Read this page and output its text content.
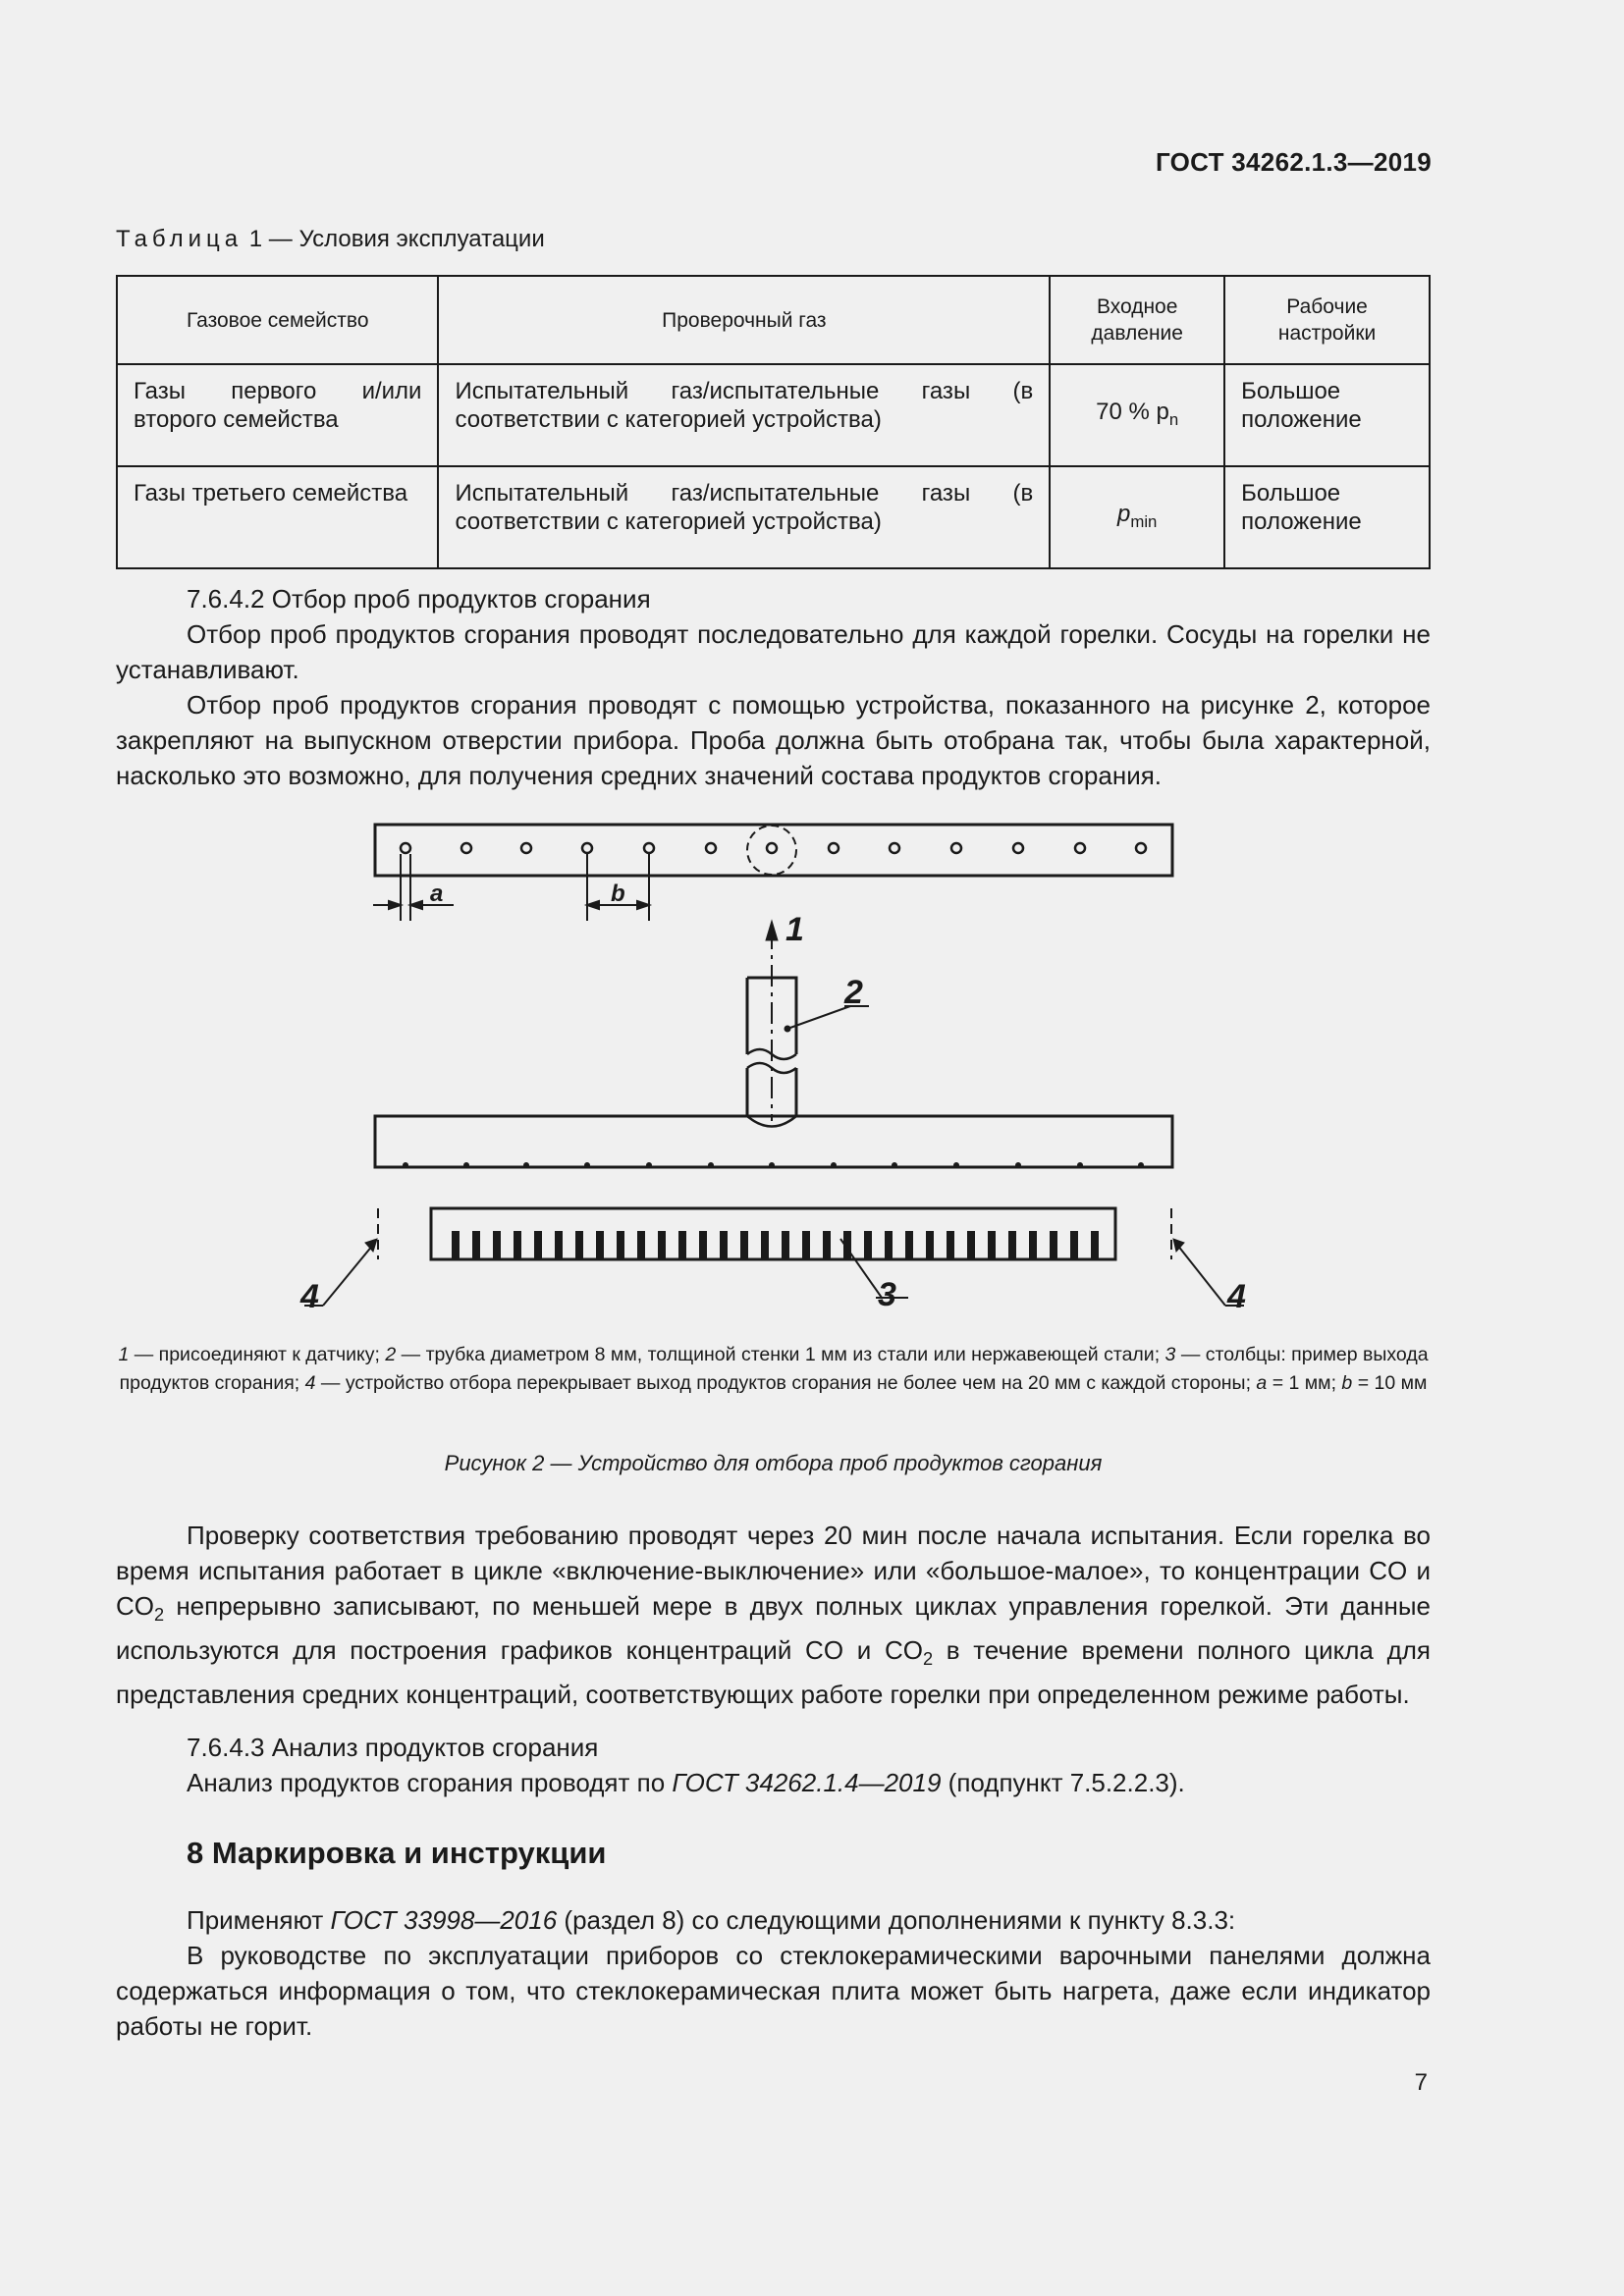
ГОСТ 34262.1.3—2019
Таблица 1 — Условия эксплуатации
Газовое семейство	Проверочный газ	Входное давление	Рабочие настройки
Газы первого и/или второго семейства	Испытательный газ/испытательные газы (в соответствии с категорией устройства)	70 % $p_n$	Большое положение
Газы третьего семейства	Испытательный газ/испытательные газы (в соответствии с категорией устройства)	$p_{min}$	Большое положение
7.6.4.2 Отбор проб продуктов сгорания
Отбор проб продуктов сгорания проводят последовательно для каждой горелки. Сосуды на горелки не устанавливают.
Отбор проб продуктов сгорания проводят с помощью устройства, показанного на рисунке 2, которое закрепляют на выпускном отверстии прибора. Проба должна быть отобрана так, чтобы была характерной, насколько это возможно, для получения средних значений состава продуктов сгорания.
a	b
1
2
3
4	4
1 — присоединяют к датчику; 2 — трубка диаметром 8 мм, толщиной стенки 1 мм из стали или нержавеющей стали; 3 — столбцы: пример выхода продуктов сгорания; 4 — устройство отбора перекрывает выход продуктов сгорания не более чем на 20 мм с каждой стороны; a = 1 мм; b = 10 мм
Рисунок 2 — Устройство для отбора проб продуктов сгорания
Проверку соответствия требованию проводят через 20 мин после начала испытания. Если горелка во время испытания работает в цикле «включение-выключение» или «большое-малое», то концентрации CO и $CO_2$ непрерывно записывают, по меньшей мере в двух полных циклах управления горелкой. Эти данные используются для построения графиков концентраций CO и $CO_2$ в течение времени полного цикла для представления средних концентраций, соответствующих работе горелки при определенном режиме работы.
7.6.4.3 Анализ продуктов сгорания
Анализ продуктов сгорания проводят по ГОСТ 34262.1.4—2019 (подпункт 7.5.2.2.3).
8 Маркировка и инструкции
Применяют ГОСТ 33998—2016 (раздел 8) со следующими дополнениями к пункту 8.3.3:
В руководстве по эксплуатации приборов со стеклокерамическими варочными панелями должна содержаться информация о том, что стеклокерамическая плита может быть нагрета, даже если индикатор работы не горит.
7
